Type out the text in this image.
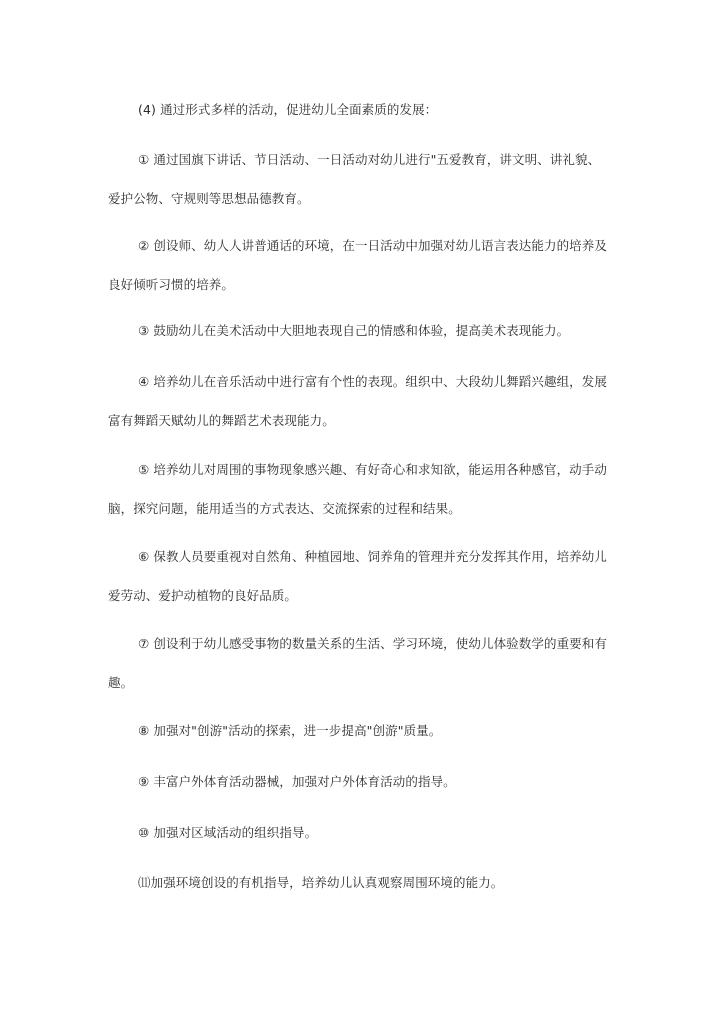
(4) 通过形式多样的活动，促进幼儿全面素质的发展：
① 通过国旗下讲话、节日活动、一日活动对幼儿进行"五爱教育，讲文明、讲礼貌、
爱护公物、守规则等思想品德教育。
② 创设师、幼人人讲普通话的环境，在一日活动中加强对幼儿语言表达能力的培养及
良好倾听习惯的培养。
③ 鼓励幼儿在美术活动中大胆地表现自己的情感和体验，提高美术表现能力。
④ 培养幼儿在音乐活动中进行富有个性的表现。组织中、大段幼儿舞蹈兴趣组，发展
富有舞蹈天赋幼儿的舞蹈艺术表现能力。
⑤ 培养幼儿对周围的事物现象感兴趣、有好奇心和求知欲，能运用各种感官，动手动
脑，探究问题，能用适当的方式表达、交流探索的过程和结果。
⑥ 保教人员要重视对自然角、种植园地、饲养角的管理并充分发挥其作用，培养幼儿
爱劳动、爱护动植物的良好品质。
⑦ 创设利于幼儿感受事物的数量关系的生活、学习环境，使幼儿体验数学的重要和有
趣。
⑧ 加强对"创游"活动的探索，进一步提高"创游"质量。
⑨ 丰富户外体育活动器械，加强对户外体育活动的指导。
⑩ 加强对区域活动的组织指导。
⑾加强环境创设的有机指导，培养幼儿认真观察周围环境的能力。
